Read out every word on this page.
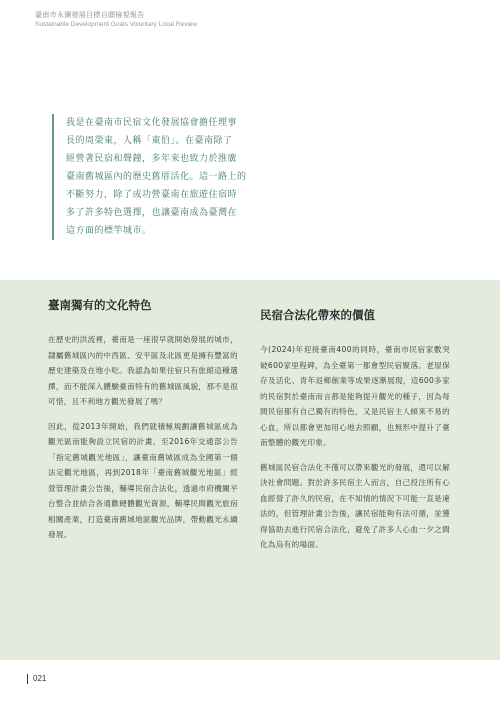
臺南市永續發展目標自願檢視報告
Sustainable Development Goals Voluntary Local Review
我是在臺南市民宿文化發展協會擔任理事
長的周榮東，人稱「東伯」。在臺南除了
經營著民宿和聲鐘，多年來也致力於推廣
臺南舊城區內的歷史舊厝活化。這一路上的
不斷努力，除了成功營臺南在旅遊住宿時
多了許多特色選擇，也讓臺南成為臺灣在
這方面的標竿城市。
臺南獨有的文化特色

在歷史的洪流裡，臺南是一座很早就開始發展的城市，隸屬舊城區內的中西區、安平區及北區更是擁有豐富的歷史建築及在地小吃。我認為如果住宿只有旅館這種選擇，而不能深入體驗臺南特有的舊城區風貌，那不是很可惜，且不利地方觀光發展了嗎？

因此，從2013年開始，我們就積極規劃讓舊城區成為觀光區而能夠設立民宿的計畫，至2016年交通部公告「指定舊城觀光地區」，讓臺南舊城區成為全國第一個法定觀光地區，再到2018年「臺南舊城觀光地區」經營管理計畫公告後，輔導民宿合法化，透過市府機關平台整合並結合各通歡硬體觀光資源，輔導民間觀光旅宿相關產業，打造臺南舊城地區觀光品牌，帶動觀光永續發展。

民宿合法化帶來的價值

今(2024)年迎接臺南400的同時，臺南市民宿家數突破600家里程碑，為全臺第一都會型民宿聚落。老屋保存及活化、青年返鄉創業等成果逐漸展現，這600多家的民宿對於臺南而言都是能夠提升觀光的種子，因為每間民宿都有自己獨有的特色，又是民宿主人傾來不易的心血，所以都會更加用心地去照顧，也無形中提升了臺南整體的觀光印象。

舊城區民宿合法化不僅可以帶來觀光的發展，還可以解決社會問題。對於許多民宿主人而言，自己投注所有心血經營了許久的民宿，在不知情的情況下可能一直是違法的，但管理計畫公告後，讓民宿能夠有法可循，並獲得協助去進行民宿合法化，避免了許多人心血一夕之間化為烏有的場面。

021
